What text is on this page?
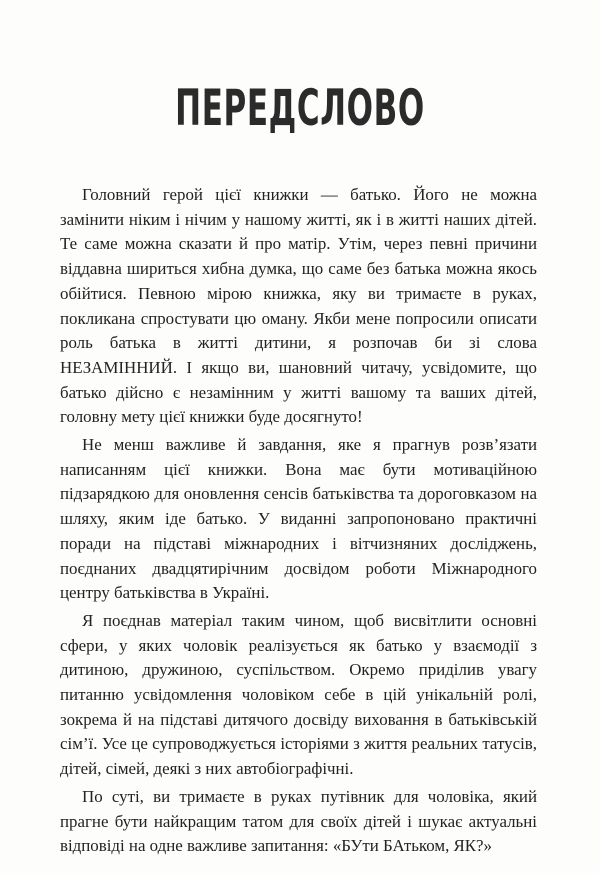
ПЕРЕДСЛОВО

Головний герой цієї книжки — батько. Його не можна замінити ніким і нічим у нашому житті, як і в житті наших дітей. Те саме можна сказати й про матір. Утім, через певні причини віддавна шириться хибна думка, що саме без батька можна якось обійтися. Певною мірою книжка, яку ви тримаєте в руках, покликана спростувати цю оману. Якби мене попросили описати роль батька в житті дитини, я розпочав би зі слова НЕЗАМІННИЙ. І якщо ви, шановний читачу, усвідомите, що батько дійсно є незамінним у житті вашому та ваших дітей, головну мету цієї книжки буде досягнуто!

Не менш важливе й завдання, яке я прагнув розв’язати написанням цієї книжки. Вона має бути мотиваційною підзарядкою для оновлення сенсів батьківства та дороговказом на шляху, яким іде батько. У виданні запропоновано практичні поради на підставі міжнародних і вітчизняних досліджень, поєднаних двадцятирічним досвідом роботи Міжнародного центру батьківства в Україні.

Я поєднав матеріал таким чином, щоб висвітлити основні сфери, у яких чоловік реалізується як батько у взаємодії з дитиною, дружиною, суспільством. Окремо приділив увагу питанню усвідомлення чоловіком себе в цій унікальній ролі, зокрема й на підставі дитячого досвіду виховання в батьківській сім’ї. Усе це супроводжується історіями з життя реальних татусів, дітей, сімей, деякі з них автобіографічні.

По суті, ви тримаєте в руках путівник для чоловіка, який прагне бути найкращим татом для своїх дітей і шукає актуальні відповіді на одне важливе запитання: «БУти БАтьком, ЯК?»
